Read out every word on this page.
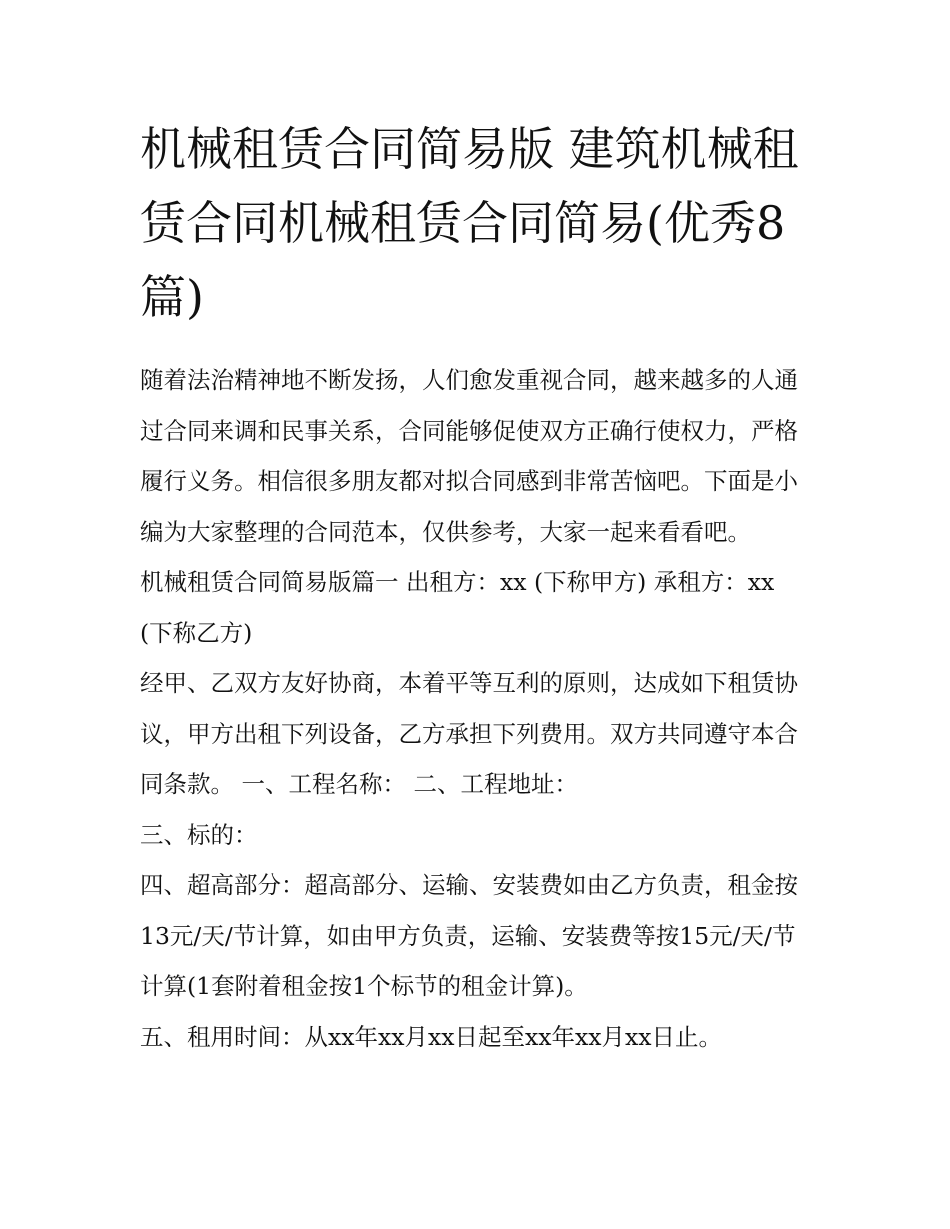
机械租赁合同简易版 建筑机械租赁合同机械租赁合同简易(优秀8篇)

随着法治精神地不断发扬，人们愈发重视合同，越来越多的人通过合同来调和民事关系，合同能够促使双方正确行使权力，严格履行义务。相信很多朋友都对拟合同感到非常苦恼吧。下面是小编为大家整理的合同范本，仅供参考，大家一起来看看吧。

机械租赁合同简易版篇一 出租方：xx (下称甲方) 承租方：xx (下称乙方)

经甲、乙双方友好协商，本着平等互利的原则，达成如下租赁协议，甲方出租下列设备，乙方承担下列费用。双方共同遵守本合同条款。 一、工程名称： 二、工程地址：

三、标的：

四、超高部分：超高部分、运输、安装费如由乙方负责，租金按13元/天/节计算，如由甲方负责，运输、安装费等按15元/天/节计算(1套附着租金按1个标节的租金计算)。

五、租用时间：从xx年xx月xx日起至xx年xx月xx日止。
